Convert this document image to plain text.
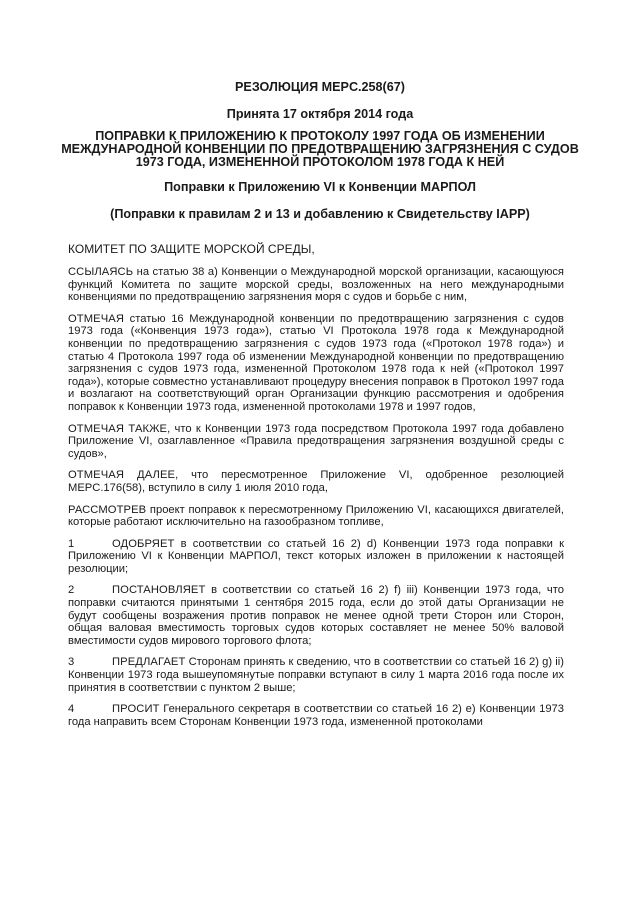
РЕЗОЛЮЦИЯ MEPC.258(67)

Принята 17 октября 2014 года

ПОПРАВКИ К ПРИЛОЖЕНИЮ К ПРОТОКОЛУ 1997 ГОДА ОБ ИЗМЕНЕНИИ МЕЖДУНАРОДНОЙ КОНВЕНЦИИ ПО ПРЕДОТВРАЩЕНИЮ ЗАГРЯЗНЕНИЯ С СУДОВ 1973 ГОДА, ИЗМЕНЕННОЙ ПРОТОКОЛОМ 1978 ГОДА К НЕЙ

Поправки к Приложению VI к Конвенции МАРПОЛ

(Поправки к правилам 2 и 13 и добавлению к Свидетельству IAPP)

КОМИТЕТ ПО ЗАЩИТЕ МОРСКОЙ СРЕДЫ,

ССЫЛАЯСЬ на статью 38 а) Конвенции о Международной морской организации, касающуюся функций Комитета по защите морской среды, возложенных на него международными конвенциями по предотвращению загрязнения моря с судов и борьбе с ним,

ОТМЕЧАЯ статью 16 Международной конвенции по предотвращению загрязнения с судов 1973 года («Конвенция 1973 года»), статью VI Протокола 1978 года к Международной конвенции по предотвращению загрязнения с судов 1973 года («Протокол 1978 года») и статью 4 Протокола 1997 года об изменении Международной конвенции по предотвращению загрязнения с судов 1973 года, измененной Протоколом 1978 года к ней («Протокол 1997 года»), которые совместно устанавливают процедуру внесения поправок в Протокол 1997 года и возлагают на соответствующий орган Организации функцию рассмотрения и одобрения поправок к Конвенции 1973 года, измененной протоколами 1978 и 1997 годов,

ОТМЕЧАЯ ТАКЖЕ, что к Конвенции 1973 года посредством Протокола 1997 года добавлено Приложение VI, озаглавленное «Правила предотвращения загрязнения воздушной среды с судов»,

ОТМЕЧАЯ ДАЛЕЕ, что пересмотренное Приложение VI, одобренное резолюцией MEPC.176(58), вступило в силу 1 июля 2010 года,

РАССМОТРЕВ проект поправок к пересмотренному Приложению VI, касающихся двигателей, которые работают исключительно на газообразном топливе,

1	ОДОБРЯЕТ в соответствии со статьей 16 2) d) Конвенции 1973 года поправки к Приложению VI к Конвенции МАРПОЛ, текст которых изложен в приложении к настоящей резолюции;

2	ПОСТАНОВЛЯЕТ в соответствии со статьей 16 2) f) iii) Конвенции 1973 года, что поправки считаются принятыми 1 сентября 2015 года, если до этой даты Организации не будут сообщены возражения против поправок не менее одной трети Сторон или Сторон, общая валовая вместимость торговых судов которых составляет не менее 50% валовой вместимости судов мирового торгового флота;

3	ПРЕДЛАГАЕТ Сторонам принять к сведению, что в соответствии со статьей 16 2) g) ii) Конвенции 1973 года вышеупомянутые поправки вступают в силу 1 марта 2016 года после их принятия в соответствии с пунктом 2 выше;

4	ПРОСИТ Генерального секретаря в соответствии со статьей 16 2) е) Конвенции 1973 года направить всем Сторонам Конвенции 1973 года, измененной протоколами
